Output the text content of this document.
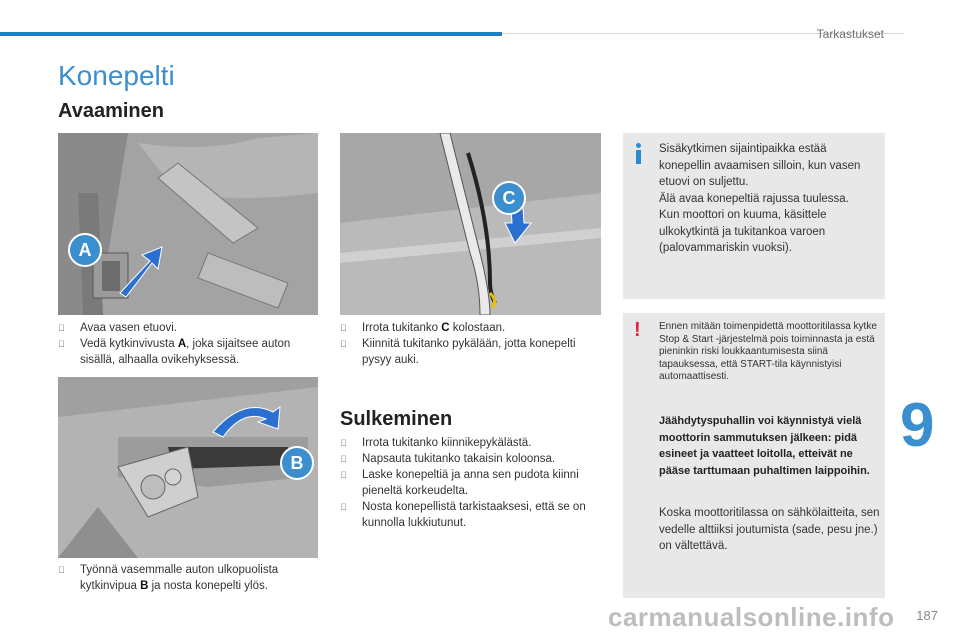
Tarkastukset
Konepelti
Avaaminen
A
C

Sisäkytkimen sijaintipaikka estää konepellin avaamisen silloin, kun vasen etuovi on suljettu.

Älä avaa konepeltiä rajussa tuulessa.

Kun moottori on kuuma, käsittele ulkokytkintä ja tukitankoa varoen (palovammariskin vuoksi).

Avaa vasen etuovi.
Vedä kytkinvivusta A, joka sijaitsee auton sisällä, alhaalla ovikehyksessä.
Irrota tukitanko C kolostaan.
Kiinnitä tukitanko pykälään, jotta konepelti pysyy auki.
! Ennen mitään toimenpidettä moottoritilassa kytke Stop & Start -järjestelmä pois toiminnasta ja estä pieninkin riski loukkaantumisesta siinä tapauksessa, että START-tila käynnistyisi automaattisesti.

Jäähdytyspuhallin voi käynnistyä vielä moottorin sammutuksen jälkeen: pidä esineet ja vaatteet loitolla, etteivät ne pääse tarttumaan puhaltimen laippoihin.

Koska moottoritilassa on sähkölaitteita, sen vedelle alttiiksi joutumista (sade, pesu jne.) on vältettävä.

B
Sulkeminen
Irrota tukitanko kiinnikepykälästä.
Napsauta tukitanko takaisin koloonsa.
Laske konepeltiä ja anna sen pudota kiinni pieneltä korkeudelta.
Nosta konepellistä tarkistaaksesi, että se on kunnolla lukkiutunut.
Työnnä vasemmalle auton ulkopuolista kytkinvipua B ja nosta konepelti ylös.
9
carmanualsonline.info 187
